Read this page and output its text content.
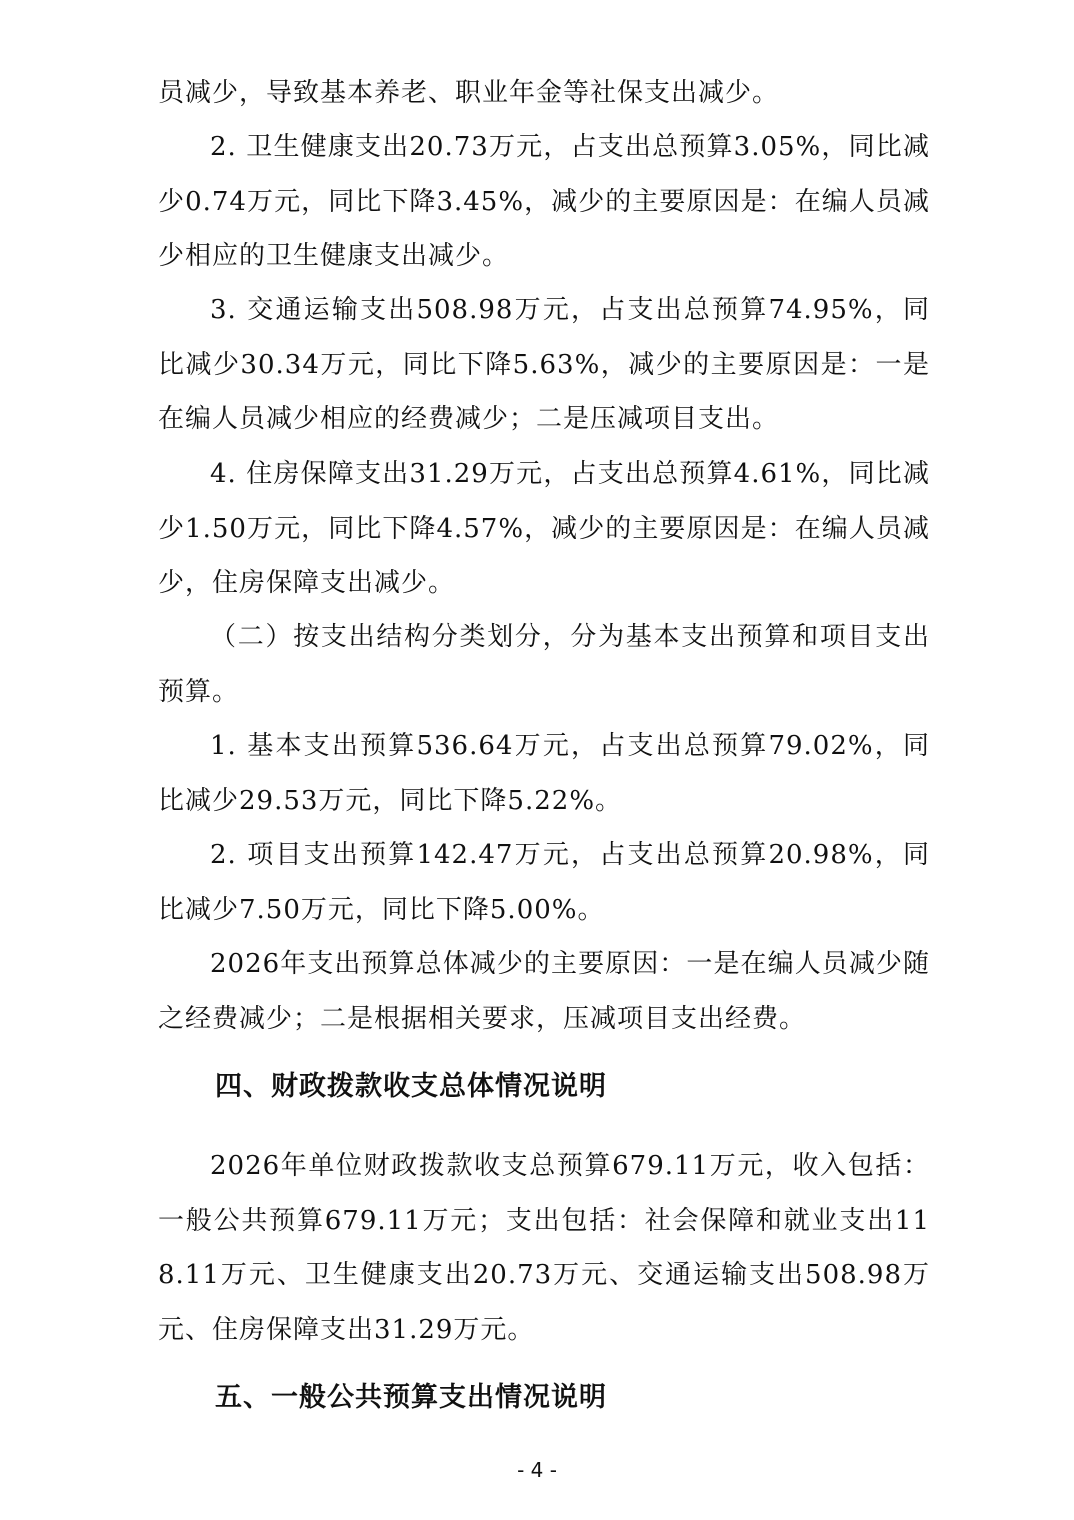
员减少，导致基本养老、职业年金等社保支出减少。

2. 卫生健康支出20.73万元，占支出总预算3.05%，同比减少0.74万元，同比下降3.45%，减少的主要原因是：在编人员减少相应的卫生健康支出减少。

3. 交通运输支出508.98万元，占支出总预算74.95%，同比减少30.34万元，同比下降5.63%，减少的主要原因是：一是在编人员减少相应的经费减少；二是压减项目支出。

4. 住房保障支出31.29万元，占支出总预算4.61%，同比减少1.50万元，同比下降4.57%，减少的主要原因是：在编人员减少，住房保障支出减少。

（二）按支出结构分类划分，分为基本支出预算和项目支出预算。

1. 基本支出预算536.64万元，占支出总预算79.02%，同比减少29.53万元，同比下降5.22%。

2. 项目支出预算142.47万元，占支出总预算20.98%，同比减少7.50万元，同比下降5.00%。

2026年支出预算总体减少的主要原因：一是在编人员减少随之经费减少；二是根据相关要求，压减项目支出经费。

四、财政拨款收支总体情况说明

2026年单位财政拨款收支总预算679.11万元，收入包括：一般公共预算679.11万元；支出包括：社会保障和就业支出118.11万元、卫生健康支出20.73万元、交通运输支出508.98万元、住房保障支出31.29万元。

五、一般公共预算支出情况说明
- 4 -
